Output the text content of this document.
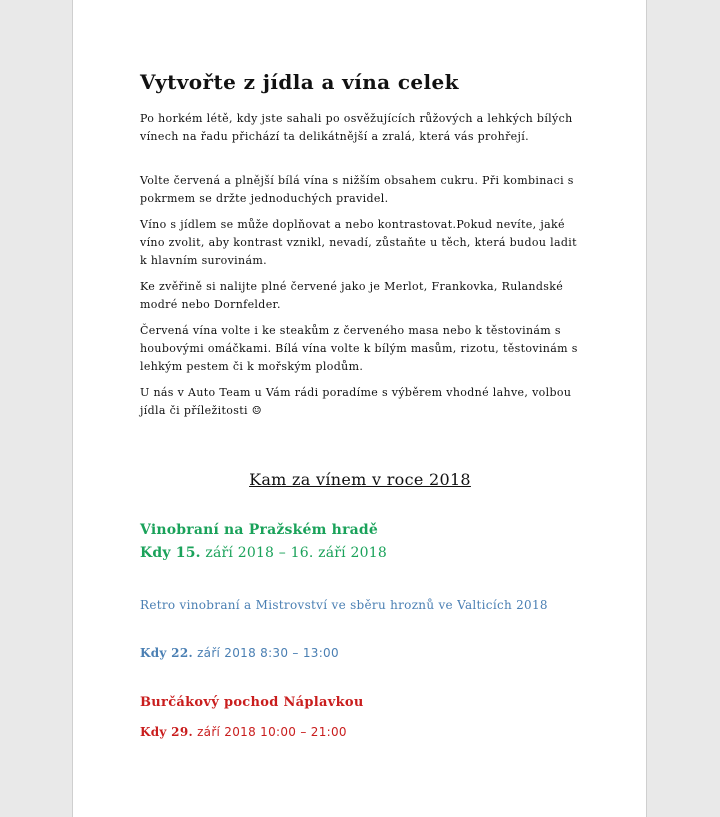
Vytvořte z jídla a vína celek

Po horkém létě, kdy jste sahali po osvěžujících růžových a lehkých bílých vínech na řadu přichází ta delikátnější a zralá, která vás prohřejí.

Volte červená a plnější bílá vína s nižším obsahem cukru. Při kombinaci s pokrmem se držte jednoduchých pravidel.

Víno s jídlem se může doplňovat a nebo kontrastovat.Pokud nevíte, jaké víno zvolit, aby kontrast vznikl, nevadí, zůstaňte u těch, která budou ladit k hlavním surovinám.

Ke zvěřině si nalijte plné červené jako je Merlot, Frankovka, Rulandské modré nebo Dornfelder.

Červená vína volte i ke steakům z červeného masa nebo k těstovinám s houbovými omáčkami. Bílá vína volte k bílým masům, rizotu, těstovinám s lehkým pestem či k mořským plodům.

U nás v Auto Team u Vám rádi poradíme s výběrem vhodné lahve, volbou jídla či příležitosti ☺

Kam za vínem v roce 2018

Vinobraní na Pražském hradě

Kdy 15. září 2018 – 16. září 2018

Retro vinobraní a Mistrovství ve sběru hroznů ve Valticích 2018

Kdy 22. září 2018 8:30 – 13:00

Burčákový pochod Náplavkou

Kdy 29. září 2018 10:00 – 21:00
